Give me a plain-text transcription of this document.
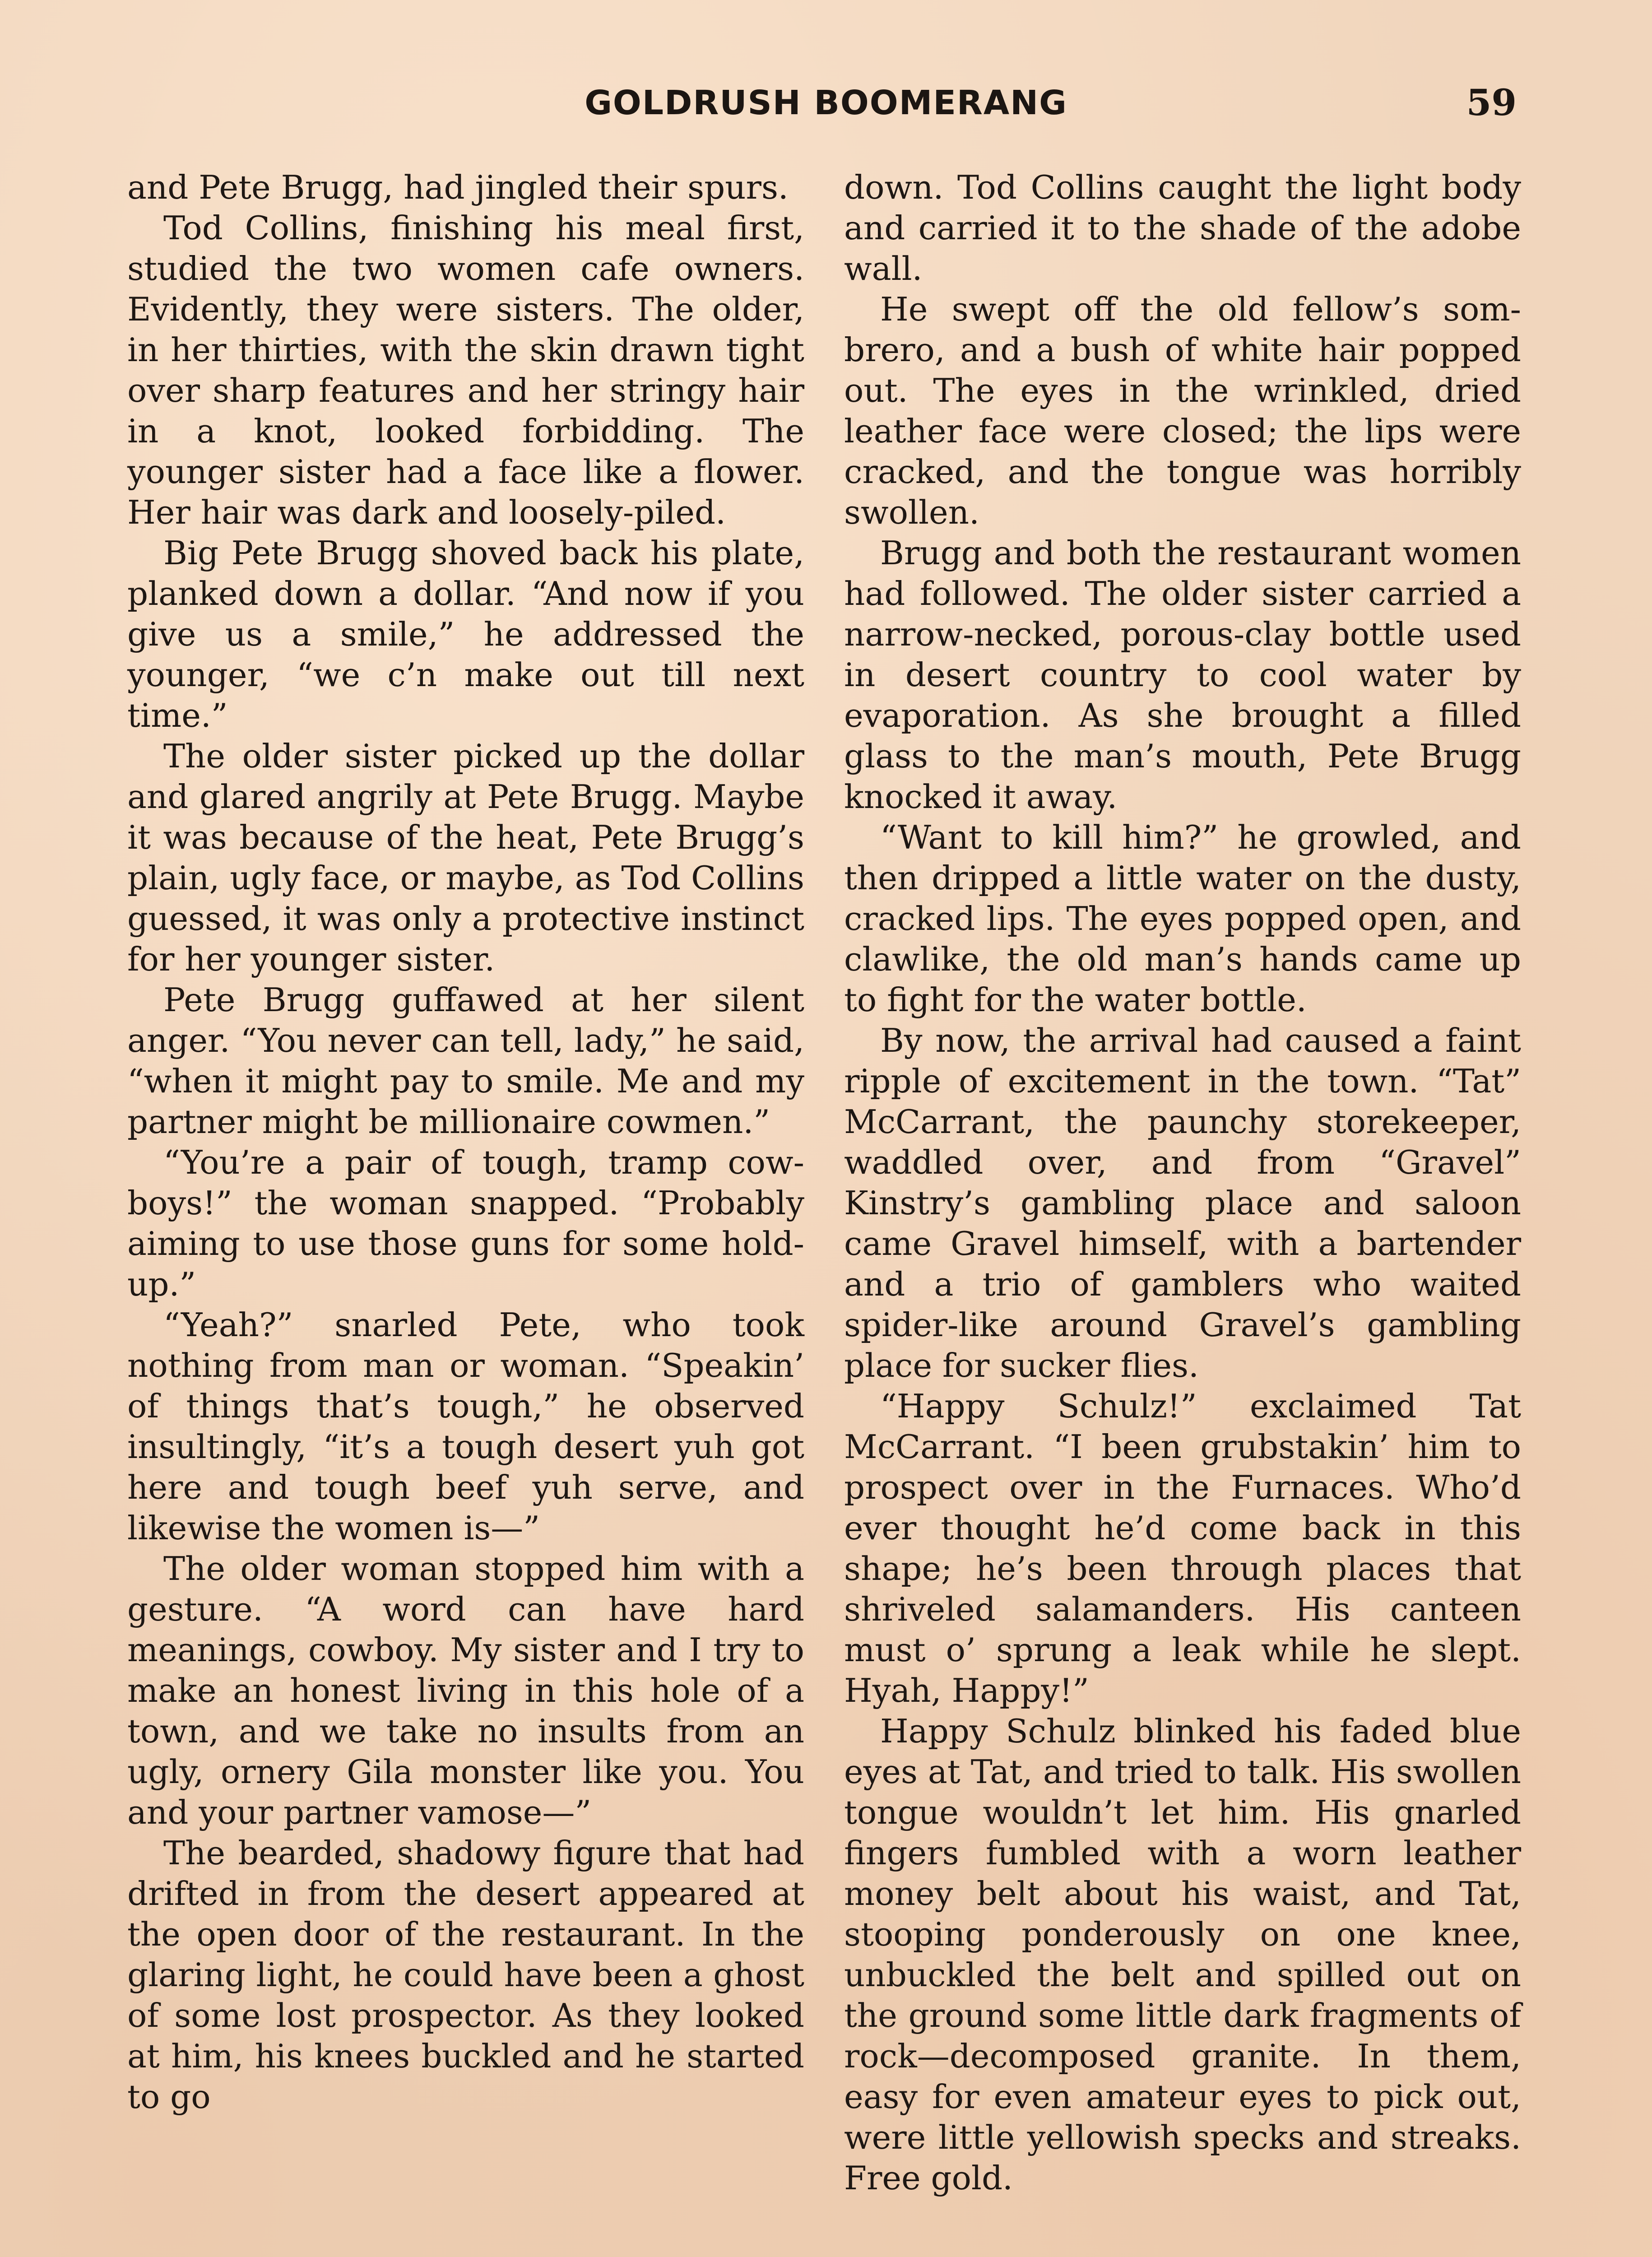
GOLDRUSH BOOMERANG	59

and Pete Brugg, had jingled their spurs.

Tod Collins, finishing his meal first, studied the two women cafe owners. Evidently, they were sisters. The older, in her thirties, with the skin drawn tight over sharp features and her stringy hair in a knot, looked forbidding. The younger sister had a face like a flower. Her hair was dark and loosely-piled.

Big Pete Brugg shoved back his plate, planked down a dollar. “And now if you give us a smile,” he addressed the younger, “we c’n make out till next time.”

The older sister picked up the dollar and glared angrily at Pete Brugg. Maybe it was because of the heat, Pete Brugg’s plain, ugly face, or maybe, as Tod Collins guessed, it was only a protective instinct for her younger sister.

Pete Brugg guffawed at her silent anger. “You never can tell, lady,” he said, “when it might pay to smile. Me and my partner might be millionaire cowmen.”

“You’re a pair of tough, tramp cowboys!” the woman snapped. “Probably aiming to use those guns for some hold-up.”

“Yeah?” snarled Pete, who took nothing from man or woman. “Speakin’ of things that’s tough,” he observed insultingly, “it’s a tough desert yuh got here and tough beef yuh serve, and likewise the women is—”

The older woman stopped him with a gesture. “A word can have hard meanings, cowboy. My sister and I try to make an honest living in this hole of a town, and we take no insults from an ugly, ornery Gila monster like you. You and your partner vamose—”

The bearded, shadowy figure that had drifted in from the desert appeared at the open door of the restaurant. In the glaring light, he could have been a ghost of some lost prospector. As they looked at him, his knees buckled and he started to go

down. Tod Collins caught the light body and carried it to the shade of the adobe wall.

He swept off the old fellow’s sombrero, and a bush of white hair popped out. The eyes in the wrinkled, dried leather face were closed; the lips were cracked, and the tongue was horribly swollen.

Brugg and both the restaurant women had followed. The older sister carried a narrow-necked, porous-clay bottle used in desert country to cool water by evaporation. As she brought a filled glass to the man’s mouth, Pete Brugg knocked it away.

“Want to kill him?” he growled, and then dripped a little water on the dusty, cracked lips. The eyes popped open, and clawlike, the old man’s hands came up to fight for the water bottle.

By now, the arrival had caused a faint ripple of excitement in the town. “Tat” McCarrant, the paunchy storekeeper, waddled over, and from “Gravel” Kinstry’s gambling place and saloon came Gravel himself, with a bartender and a trio of gamblers who waited spider-like around Gravel’s gambling place for sucker flies.

“Happy Schulz!” exclaimed Tat McCarrant. “I been grubstakin’ him to prospect over in the Furnaces. Who’d ever thought he’d come back in this shape; he’s been through places that shriveled salamanders. His canteen must o’ sprung a leak while he slept. Hyah, Happy!”

Happy Schulz blinked his faded blue eyes at Tat, and tried to talk. His swollen tongue wouldn’t let him. His gnarled fingers fumbled with a worn leather money belt about his waist, and Tat, stooping ponderously on one knee, unbuckled the belt and spilled out on the ground some little dark fragments of rock—decomposed granite. In them, easy for even amateur eyes to pick out, were little yellowish specks and streaks. Free gold.
